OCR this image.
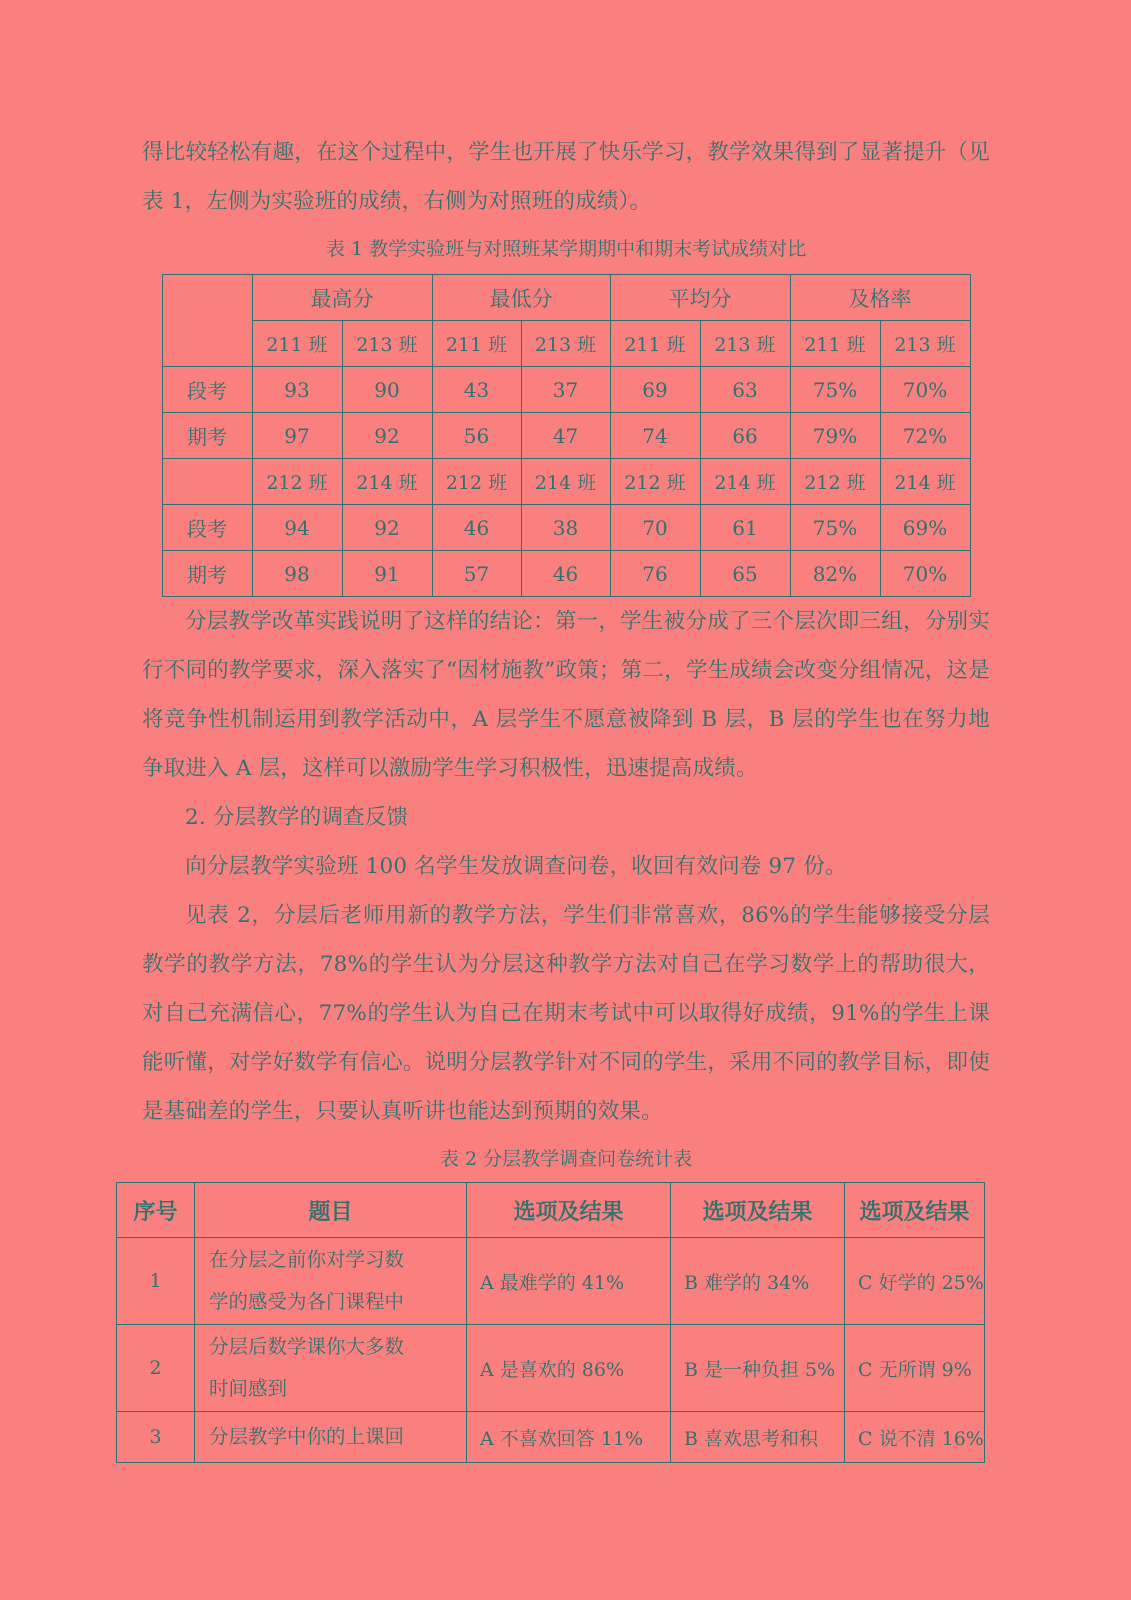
得比较轻松有趣，在这个过程中，学生也开展了快乐学习，教学效果得到了显著提升（见表 1，左侧为实验班的成绩，右侧为对照班的成绩）。

表 1 教学实验班与对照班某学期期中和期末考试成绩对比

	最高分		最低分		平均分		及格率	
	211 班	213 班	211 班	213 班	211 班	213 班	211 班	213 班
段考	93	90	43	37	69	63	75%	70%
期考	97	92	56	47	74	66	79%	72%
	212 班	214 班	212 班	214 班	212 班	214 班	212 班	214 班
段考	94	92	46	38	70	61	75%	69%
期考	98	91	57	46	76	65	82%	70%

分层教学改革实践说明了这样的结论：第一，学生被分成了三个层次即三组，分别实行不同的教学要求，深入落实了“因材施教”政策；第二，学生成绩会改变分组情况，这是将竞争性机制运用到教学活动中，A 层学生不愿意被降到 B 层，B 层的学生也在努力地争取进入 A 层，这样可以激励学生学习积极性，迅速提高成绩。

2. 分层教学的调查反馈

向分层教学实验班 100 名学生发放调查问卷，收回有效问卷 97 份。

见表 2，分层后老师用新的教学方法，学生们非常喜欢，86%的学生能够接受分层教学的教学方法，78%的学生认为分层这种教学方法对自己在学习数学上的帮助很大，对自己充满信心，77%的学生认为自己在期末考试中可以取得好成绩，91%的学生上课能听懂，对学好数学有信心。说明分层教学针对不同的学生，采用不同的教学目标，即使是基础差的学生，只要认真听讲也能达到预期的效果。

表 2 分层教学调查问卷统计表

序号	题目	选项及结果	选项及结果	选项及结果
1	在分层之前你对学习数
学的感受为各门课程中	A 最难学的 41%	B 难学的 34%	C 好学的 25%
2	分层后数学课你大多数
时间感到	A 是喜欢的 86%	B 是一种负担 5%	C 无所谓 9%
3	分层教学中你的上课回	A 不喜欢回答 11%	B 喜欢思考和积	C 说不清 16%
